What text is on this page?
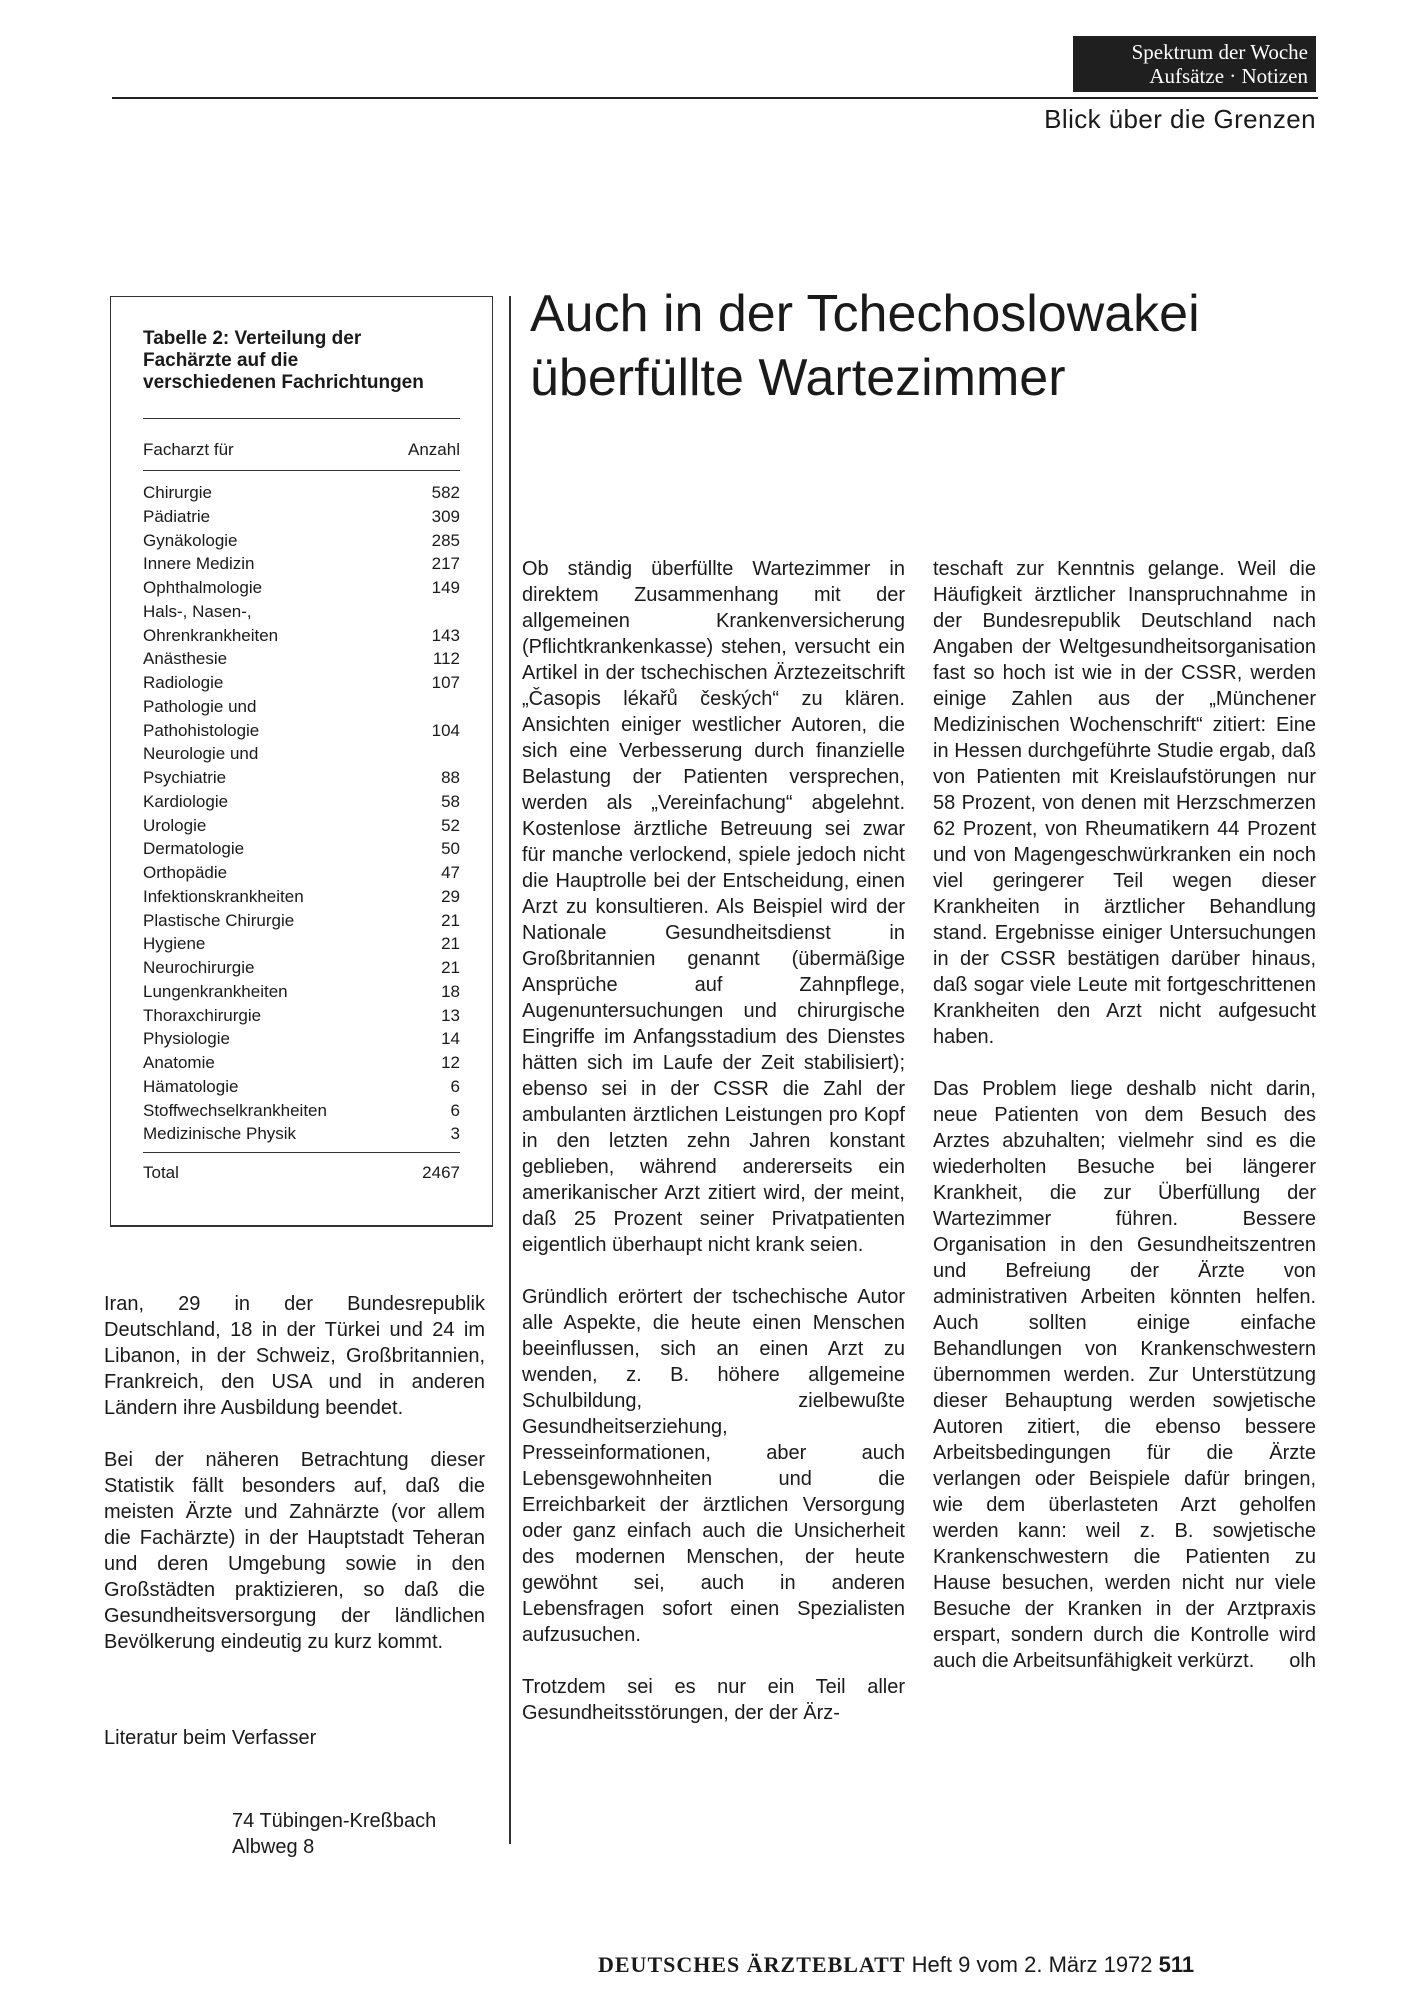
Spektrum der Woche
Aufsätze · Notizen
Blick über die Grenzen
Auch in der Tchechoslowakei
überfüllte Wartezimmer
Tabelle 2: Verteilung der
Fachärzte auf die
verschiedenen Fachrichtungen
Facharzt für	Anzahl
Chirurgie	582
Pädiatrie	309
Gynäkologie	285
Innere Medizin	217
Ophthalmologie	149
Hals-, Nasen-,
Ohrenkrankheiten	143
Anästhesie	112
Radiologie	107
Pathologie und
Pathohistologie	104
Neurologie und
Psychiatrie	88
Kardiologie	58
Urologie	52
Dermatologie	50
Orthopädie	47
Infektionskrankheiten	29
Plastische Chirurgie	21
Hygiene	21
Neurochirurgie	21
Lungenkrankheiten	18
Thoraxchirurgie	13
Physiologie	14
Anatomie	12
Hämatologie	6
Stoffwechselkrankheiten	6
Medizinische Physik	3
Total	2467

Iran, 29 in der Bundesrepublik Deutschland, 18 in der Türkei und 24 im Libanon, in der Schweiz, Großbritannien, Frankreich, den USA und in anderen Ländern ihre Ausbildung beendet.

Bei der näheren Betrachtung dieser Statistik fällt besonders auf, daß die meisten Ärzte und Zahnärzte (vor allem die Fachärzte) in der Hauptstadt Teheran und deren Umgebung sowie in den Großstädten praktizieren, so daß die Gesundheitsversorgung der ländlichen Bevölkerung eindeutig zu kurz kommt.

Literatur beim Verfasser
74 Tübingen-Kreßbach
Albweg 8

Ob ständig überfüllte Wartezimmer in direktem Zusammenhang mit der allgemeinen Krankenversicherung (Pflichtkrankenkasse) stehen, versucht ein Artikel in der tschechischen Ärztezeitschrift „Časopis lékařů českých“ zu klären. Ansichten einiger westlicher Autoren, die sich eine Verbesserung durch finanzielle Belastung der Patienten versprechen, werden als „Vereinfachung“ abgelehnt. Kostenlose ärztliche Betreuung sei zwar für manche verlockend, spiele jedoch nicht die Hauptrolle bei der Entscheidung, einen Arzt zu konsultieren. Als Beispiel wird der Nationale Gesundheitsdienst in Großbritannien genannt (übermäßige Ansprüche auf Zahnpflege, Augenuntersuchungen und chirurgische Eingriffe im Anfangsstadium des Dienstes hätten sich im Laufe der Zeit stabilisiert); ebenso sei in der CSSR die Zahl der ambulanten ärztlichen Leistungen pro Kopf in den letzten zehn Jahren konstant geblieben, während andererseits ein amerikanischer Arzt zitiert wird, der meint, daß 25 Prozent seiner Privatpatienten eigentlich überhaupt nicht krank seien.

Gründlich erörtert der tschechische Autor alle Aspekte, die heute einen Menschen beeinflussen, sich an einen Arzt zu wenden, z. B. höhere allgemeine Schulbildung, zielbewußte Gesundheitserziehung, Presseinformationen, aber auch Lebensgewohnheiten und die Erreichbarkeit der ärztlichen Versorgung oder ganz einfach auch die Unsicherheit des modernen Menschen, der heute gewöhnt sei, auch in anderen Lebensfragen sofort einen Spezialisten aufzusuchen.

Trotzdem sei es nur ein Teil aller Gesundheitsstörungen, der der Ärz-

teschaft zur Kenntnis gelange. Weil die Häufigkeit ärztlicher Inanspruchnahme in der Bundesrepublik Deutschland nach Angaben der Weltgesundheitsorganisation fast so hoch ist wie in der CSSR, werden einige Zahlen aus der „Münchener Medizinischen Wochenschrift“ zitiert: Eine in Hessen durchgeführte Studie ergab, daß von Patienten mit Kreislaufstörungen nur 58 Prozent, von denen mit Herzschmerzen 62 Prozent, von Rheumatikern 44 Prozent und von Magengeschwürkranken ein noch viel geringerer Teil wegen dieser Krankheiten in ärztlicher Behandlung stand. Ergebnisse einiger Untersuchungen in der CSSR bestätigen darüber hinaus, daß sogar viele Leute mit fortgeschrittenen Krankheiten den Arzt nicht aufgesucht haben.

Das Problem liege deshalb nicht darin, neue Patienten von dem Besuch des Arztes abzuhalten; vielmehr sind es die wiederholten Besuche bei längerer Krankheit, die zur Überfüllung der Wartezimmer führen. Bessere Organisation in den Gesundheitszentren und Befreiung der Ärzte von administrativen Arbeiten könnten helfen. Auch sollten einige einfache Behandlungen von Krankenschwestern übernommen werden. Zur Unterstützung dieser Behauptung werden sowjetische Autoren zitiert, die ebenso bessere Arbeitsbedingungen für die Ärzte verlangen oder Beispiele dafür bringen, wie dem überlasteten Arzt geholfen werden kann: weil z. B. sowjetische Krankenschwestern die Patienten zu Hause besuchen, werden nicht nur viele Besuche der Kranken in der Arztpraxis erspart, sondern durch die Kontrolle wird auch die Arbeitsunfähigkeit verkürzt. olh

DEUTSCHES ÄRZTEBLATT Heft 9 vom 2. März 1972 511
